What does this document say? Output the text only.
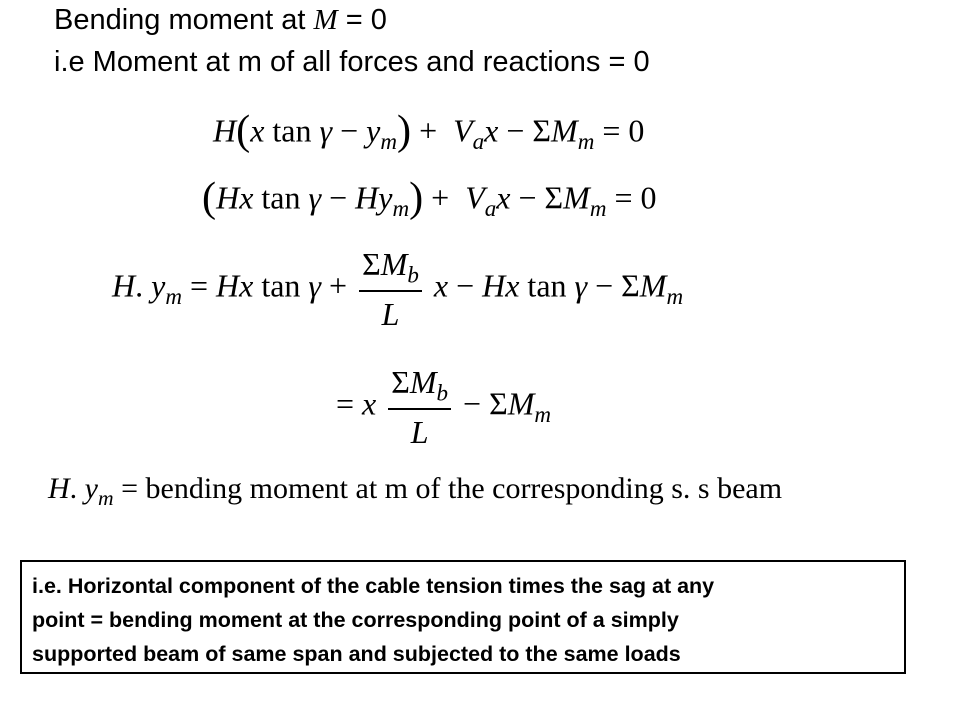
Bending moment at M = 0
i.e Moment at m of all forces and reactions = 0
H(x $\tan \gamma - y_m) + V_ax - \Sigma M_m = 0$
(Hx $\tan \gamma - Hy_m) + V_ax - \Sigma M_m = 0$
H. $y_m = Hx$ $\tan \gamma + \frac{\Sigma M_b}{L}$ x − Hx $\tan \gamma - \Sigma M_m$
= x $\frac{\Sigma M_b}{L} - \Sigma M_m$
H. $y_m$ = bending moment at m of the corresponding s. s beam
i.e. Horizontal component of the cable tension times the sag at any
point = bending moment at the corresponding point of a simply
supported beam of same span and subjected to the same loads
